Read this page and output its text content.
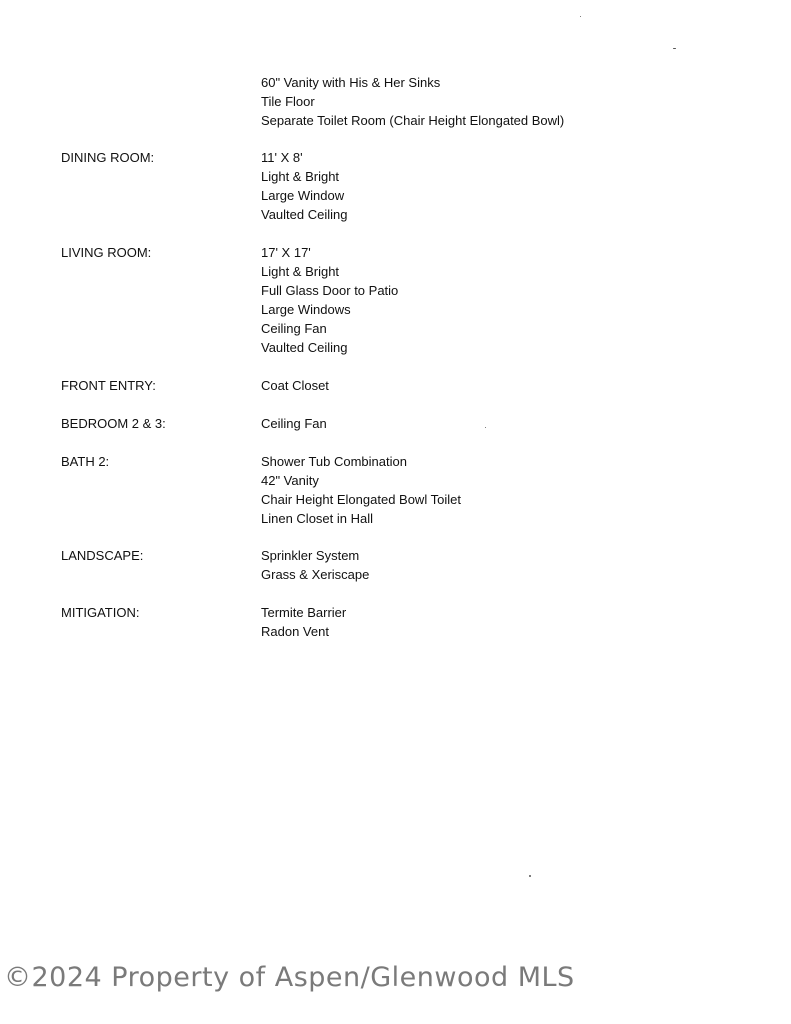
60" Vanity with His & Her Sinks
Tile Floor
Separate Toilet Room (Chair Height Elongated Bowl)
DINING ROOM:	11' X 8'
Light & Bright
Large Window
Vaulted Ceiling
LIVING ROOM:	17' X 17'
Light & Bright
Full Glass Door to Patio
Large Windows
Ceiling Fan
Vaulted Ceiling
FRONT ENTRY:	Coat Closet
BEDROOM 2 & 3:	Ceiling Fan
BATH 2:	Shower Tub Combination
42" Vanity
Chair Height Elongated Bowl Toilet
Linen Closet in Hall
LANDSCAPE:	Sprinkler System
Grass & Xeriscape
MITIGATION:	Termite Barrier
Radon Vent
©2024 Property of Aspen/Glenwood MLS
